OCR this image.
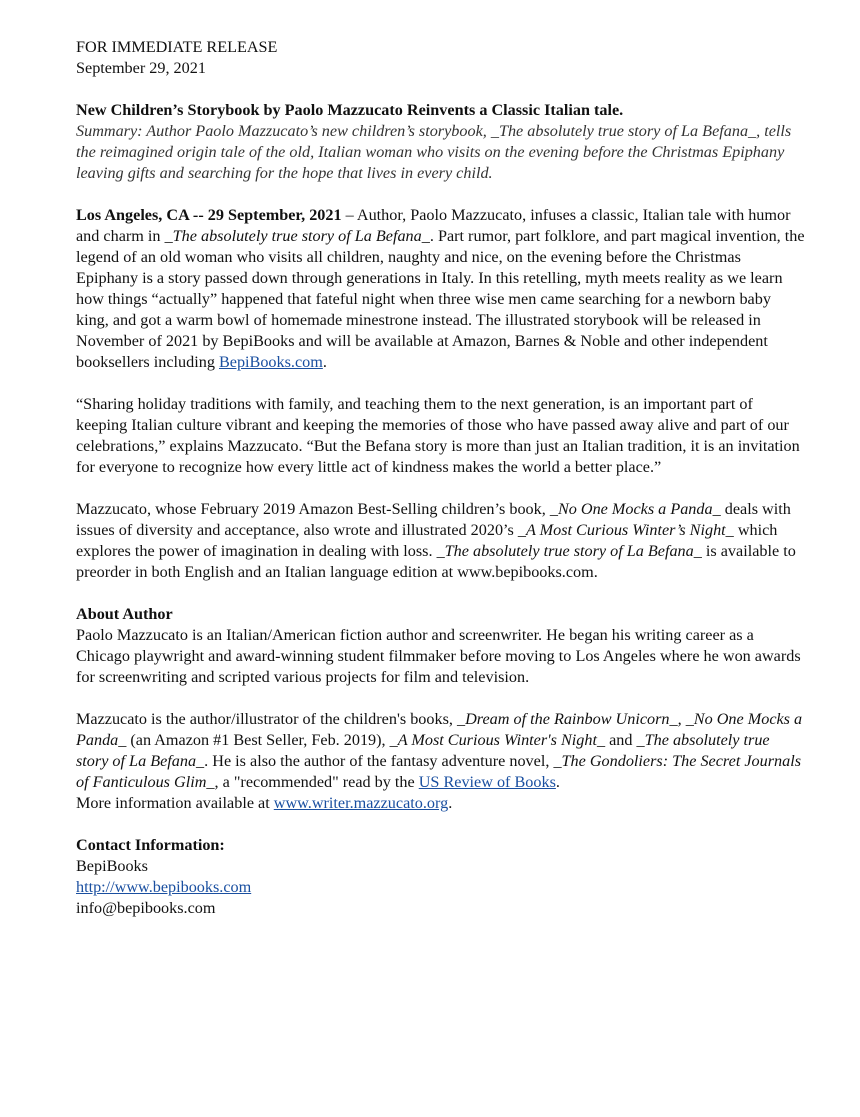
FOR IMMEDIATE RELEASE

September 29, 2021

New Children’s Storybook by Paolo Mazzucato Reinvents a Classic Italian tale.

Summary: Author Paolo Mazzucato’s new children’s storybook, _The absolutely true story of La Befana_, tells the reimagined origin tale of the old, Italian woman who visits on the evening before the Christmas Epiphany leaving gifts and searching for the hope that lives in every child.

Los Angeles, CA -- 29 September, 2021 – Author, Paolo Mazzucato, infuses a classic, Italian tale with humor and charm in _The absolutely true story of La Befana_. Part rumor, part folklore, and part magical invention, the legend of an old woman who visits all children, naughty and nice, on the evening before the Christmas Epiphany is a story passed down through generations in Italy. In this retelling, myth meets reality as we learn how things “actually” happened that fateful night when three wise men came searching for a newborn baby king, and got a warm bowl of homemade minestrone instead. The illustrated storybook will be released in November of 2021 by BepiBooks and will be available at Amazon, Barnes & Noble and other independent booksellers including BepiBooks.com.

“Sharing holiday traditions with family, and teaching them to the next generation, is an important part of keeping Italian culture vibrant and keeping the memories of those who have passed away alive and part of our celebrations,” explains Mazzucato. “But the Befana story is more than just an Italian tradition, it is an invitation for everyone to recognize how every little act of kindness makes the world a better place.”

Mazzucato, whose February 2019 Amazon Best-Selling children’s book, _No One Mocks a Panda_ deals with issues of diversity and acceptance, also wrote and illustrated 2020’s _A Most Curious Winter’s Night_ which explores the power of imagination in dealing with loss. _The absolutely true story of La Befana_ is available to preorder in both English and an Italian language edition at www.bepibooks.com.

About Author

Paolo Mazzucato is an Italian/American fiction author and screenwriter. He began his writing career as a Chicago playwright and award-winning student filmmaker before moving to Los Angeles where he won awards for screenwriting and scripted various projects for film and television.

Mazzucato is the author/illustrator of the children's books, _Dream of the Rainbow Unicorn_, _No One Mocks a Panda_ (an Amazon #1 Best Seller, Feb. 2019), _A Most Curious Winter's Night_ and _The absolutely true story of La Befana_. He is also the author of the fantasy adventure novel, _The Gondoliers: The Secret Journals of Fanticulous Glim_, a "recommended" read by the US Review of Books.

More information available at www.writer.mazzucato.org.

Contact Information:

BepiBooks

http://www.bepibooks.com

info@bepibooks.com
